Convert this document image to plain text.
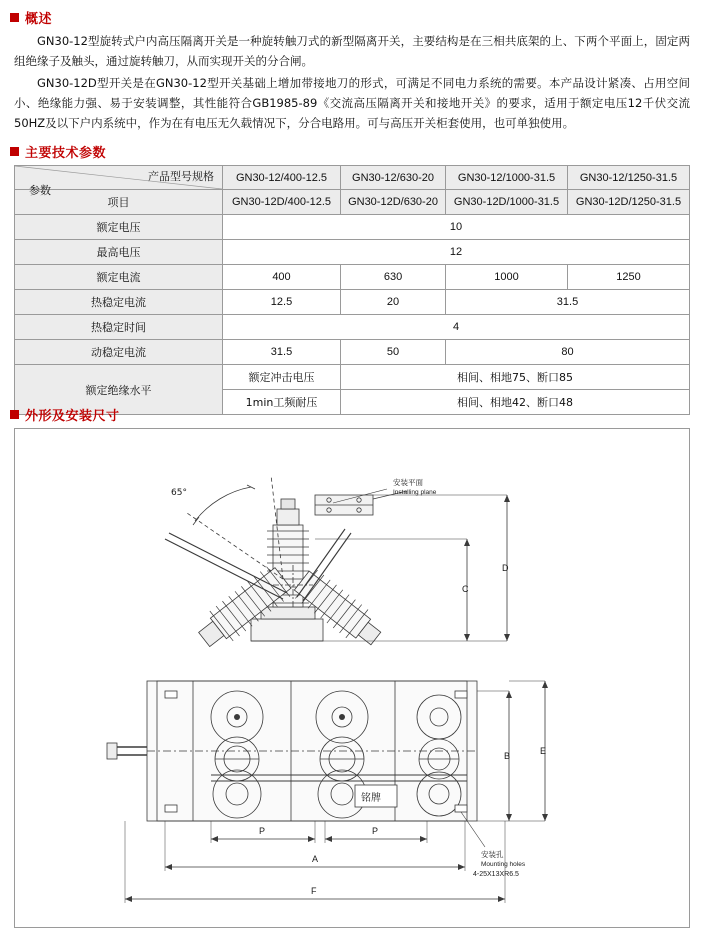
概述

GN30-12型旋转式户内高压隔离开关是一种旋转触刀式的新型隔离开关，主要结构是在三相共底架的上、下两个平面上，固定两组绝缘子及触头，通过旋转触刀，从而实现开关的分合闸。

GN30-12D型开关是在GN30-12型开关基础上增加带接地刀的形式，可满足不同电力系统的需要。本产品设计紧凑、占用空间小、绝缘能力强、易于安装调整，其性能符合GB1985-89《交流高压隔离开关和接地开关》的要求，适用于额定电压12千伏交流50HZ及以下户内系统中，作为在有电压无久载情况下，分合电路用。可与高压开关柜套使用，也可单独使用。

主要技术参数
参数
产品型号规格	GN30-12/400-12.5	GN30-12/630-20	GN30-12/1000-31.5	GN30-12/1250-31.5
项目	GN30-12D/400-12.5	GN30-12D/630-20	GN30-12D/1000-31.5	GN30-12D/1250-31.5
额定电压	10			
最高电压	12			
额定电流	400	630	1000	1250
热稳定电流	12.5	20	31.5	
热稳定时间	4			
动稳定电流	31.5	50	80	
额定绝缘水平	额定冲击电压	相间、相地75、断口85		
	1min工频耐压	相间、相地42、断口48		
外形及安装尺寸
65°
安装平面
Installing plane
C
D
B	E
P	P
A
F
铭牌
安装孔
Mounting holes
4-25X13XR6.5
